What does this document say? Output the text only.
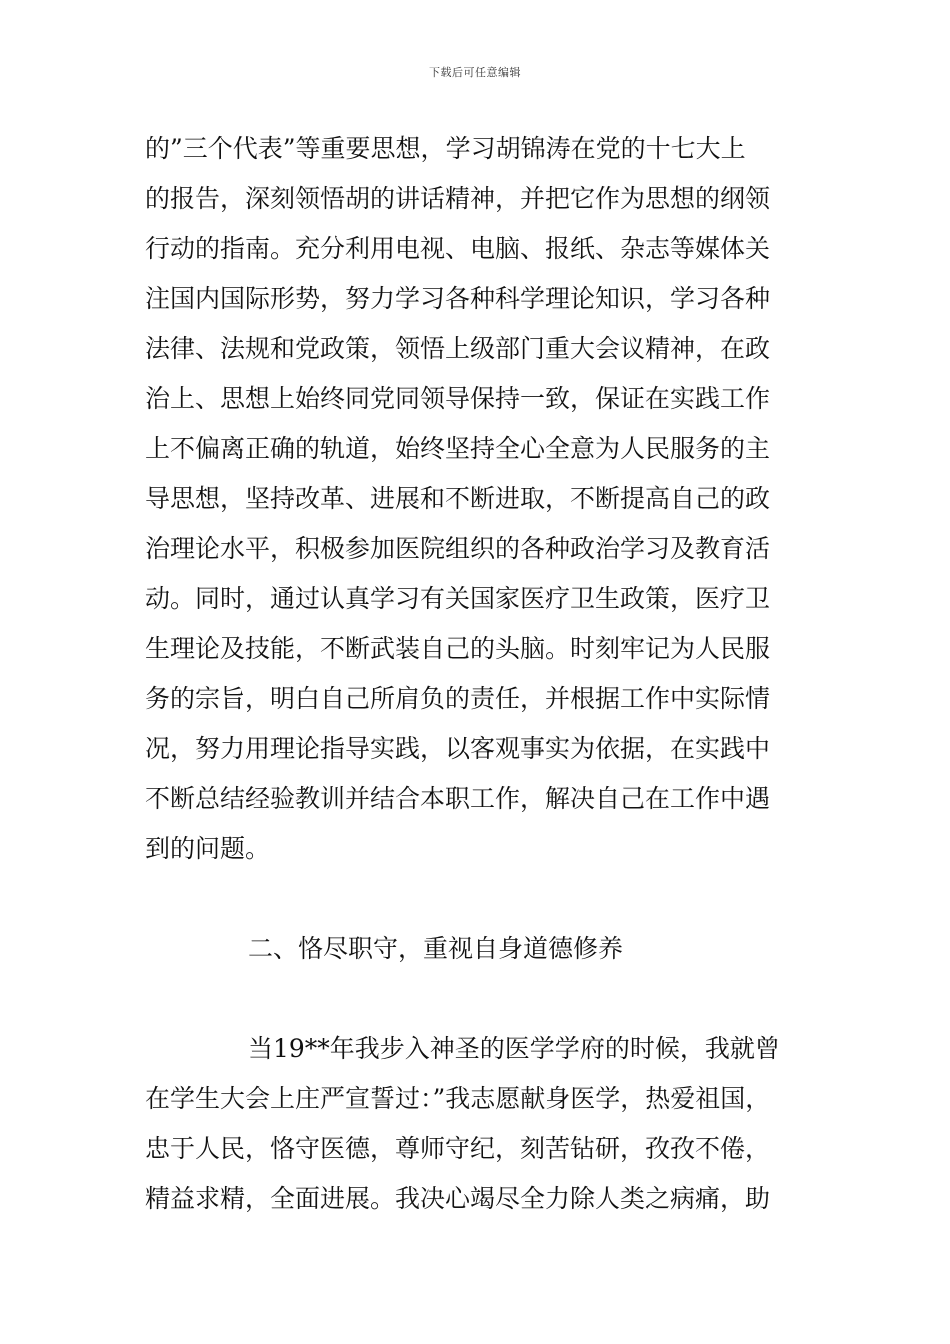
下载后可任意编辑
的”三个代表”等重要思想，学习胡锦涛在党的十七大上
的报告，深刻领悟胡的讲话精神，并把它作为思想的纲领
行动的指南。充分利用电视、电脑、报纸、杂志等媒体关
注国内国际形势，努力学习各种科学理论知识，学习各种
法律、法规和党政策，领悟上级部门重大会议精神，在政
治上、思想上始终同党同领导保持一致，保证在实践工作
上不偏离正确的轨道，始终坚持全心全意为人民服务的主
导思想，坚持改革、进展和不断进取，不断提高自己的政
治理论水平，积极参加医院组织的各种政治学习及教育活
动。同时，通过认真学习有关国家医疗卫生政策，医疗卫
生理论及技能，不断武装自己的头脑。时刻牢记为人民服
务的宗旨，明白自己所肩负的责任，并根据工作中实际情
况，努力用理论指导实践，以客观事实为依据，在实践中
不断总结经验教训并结合本职工作，解决自己在工作中遇
到的问题。
二、恪尽职守，重视自身道德修养
当19**年我步入神圣的医学学府的时候，我就曾
在学生大会上庄严宣誓过：”我志愿献身医学，热爱祖国，
忠于人民，恪守医德，尊师守纪，刻苦钻研，孜孜不倦，
精益求精，全面进展。我决心竭尽全力除人类之病痛，助
